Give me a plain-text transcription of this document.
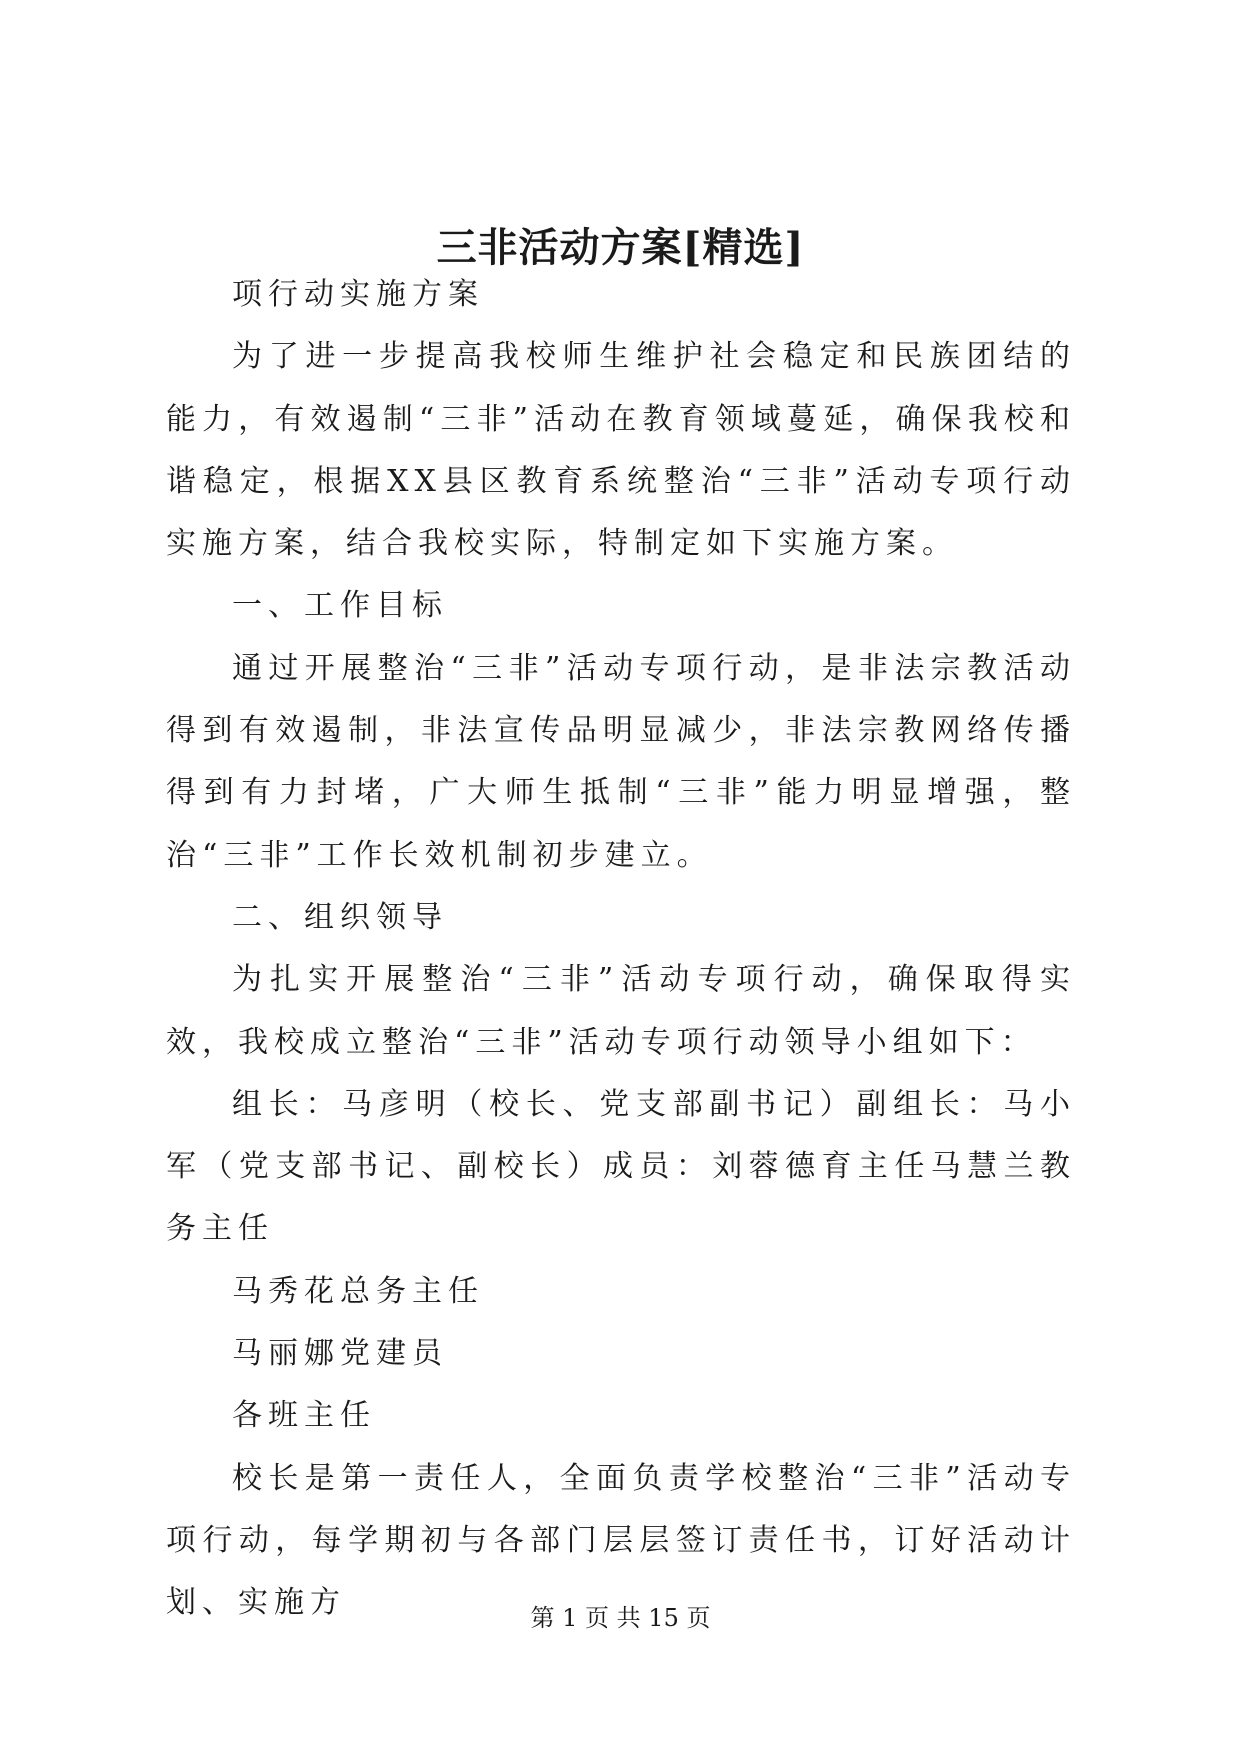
三非活动方案[精选]

项行动实施方案

为了进一步提高我校师生维护社会稳定和民族团结的能力，有效遏制“三非”活动在教育领域蔓延，确保我校和谐稳定，根据XX县区教育系统整治“三非”活动专项行动实施方案，结合我校实际，特制定如下实施方案。

一、工作目标

通过开展整治“三非”活动专项行动，是非法宗教活动得到有效遏制，非法宣传品明显减少，非法宗教网络传播得到有力封堵，广大师生抵制“三非”能力明显增强，整治“三非”工作长效机制初步建立。

二、组织领导

为扎实开展整治“三非”活动专项行动，确保取得实效，我校成立整治“三非”活动专项行动领导小组如下：

组长：马彦明（校长、党支部副书记）副组长：马小军（党支部书记、副校长）成员：刘蓉德育主任马慧兰教务主任

马秀花总务主任

马丽娜党建员

各班主任

校长是第一责任人，全面负责学校整治“三非”活动专项行动，每学期初与各部门层层签订责任书，订好活动计划、实施方	第 1 页 共 15 页
